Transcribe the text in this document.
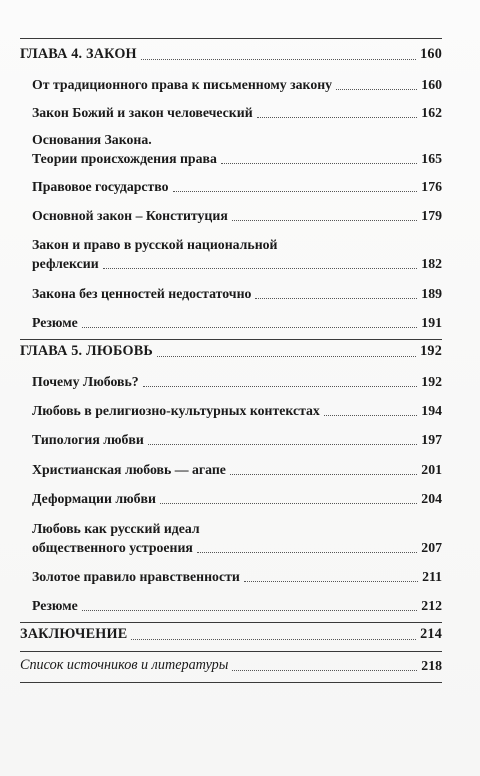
ГЛАВА 4. ЗАКОН	160
От традиционного права к письменному закону	160
Закон Божий и закон человеческий	162
Основания Закона.
Теории происхождения права	165
Правовое государство	176
Основной закон – Конституция	179
Закон и право в русской национальной
рефлексии	182
Закона без ценностей недостаточно	189
Резюме	191
ГЛАВА 5. ЛЮБОВЬ	192
Почему Любовь?	192
Любовь в религиозно-культурных контекстах	194
Типология любви	197
Христианская любовь — агапе	201
Деформации любви	204
Любовь как русский идеал
общественного устроения	207
Золотое правило нравственности	211
Резюме	212
ЗАКЛЮЧЕНИЕ	214
Список источников и литературы	218
